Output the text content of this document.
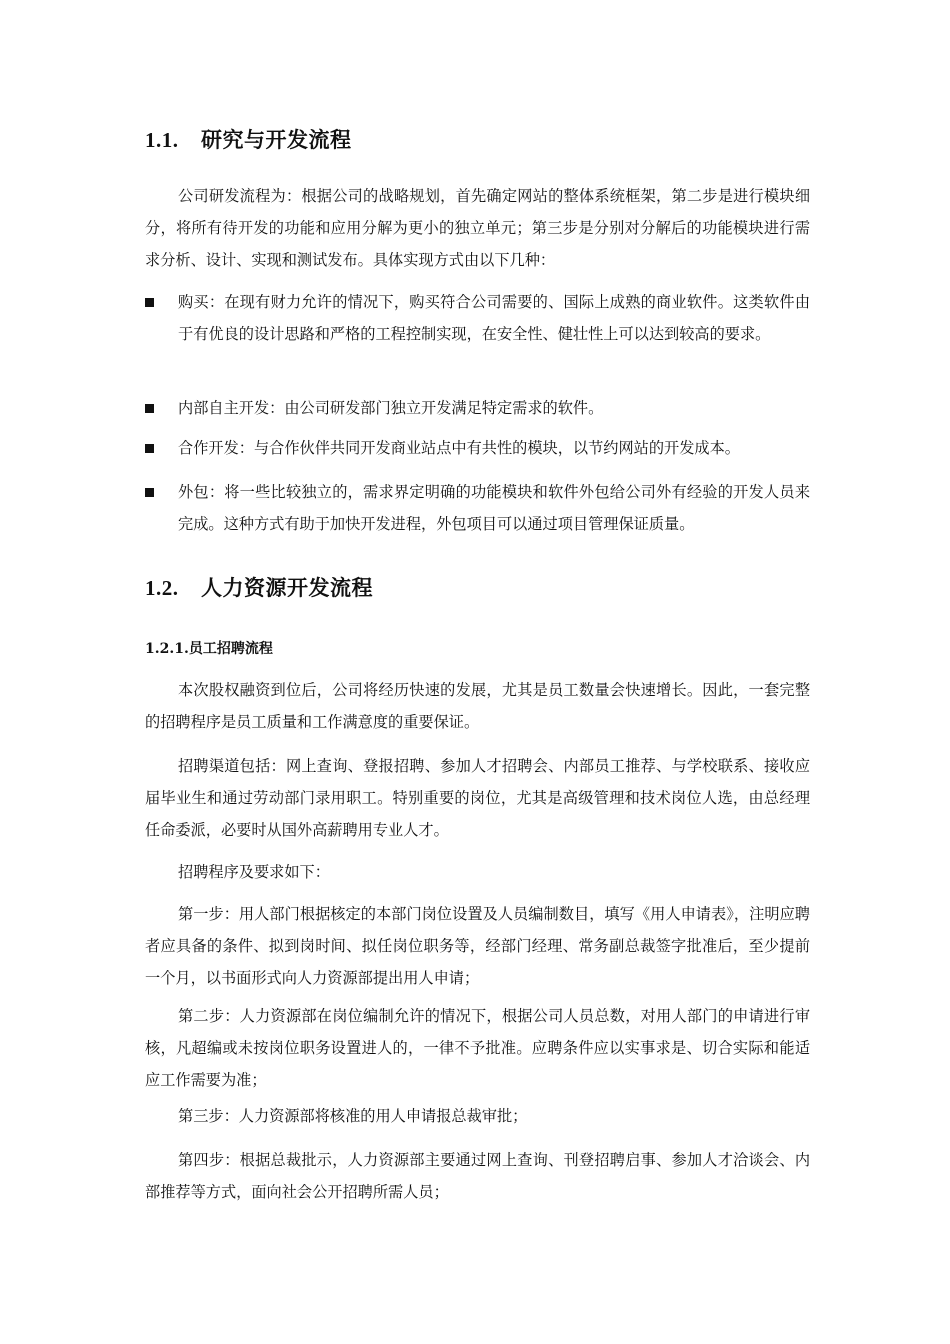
1.1. 研究与开发流程

公司研发流程为：根据公司的战略规划，首先确定网站的整体系统框架，第二步是进行模块细分，将所有待开发的功能和应用分解为更小的独立单元；第三步是分别对分解后的功能模块进行需求分析、设计、实现和测试发布。具体实现方式由以下几种：

购买：在现有财力允许的情况下，购买符合公司需要的、国际上成熟的商业软件。这类软件由于有优良的设计思路和严格的工程控制实现，在安全性、健壮性上可以达到较高的要求。
内部自主开发：由公司研发部门独立开发满足特定需求的软件。
合作开发：与合作伙伴共同开发商业站点中有共性的模块，以节约网站的开发成本。
外包：将一些比较独立的，需求界定明确的功能模块和软件外包给公司外有经验的开发人员来完成。这种方式有助于加快开发进程，外包项目可以通过项目管理保证质量。
1.2. 人力资源开发流程
1.2.1.员工招聘流程

本次股权融资到位后，公司将经历快速的发展，尤其是员工数量会快速增长。因此，一套完整的招聘程序是员工质量和工作满意度的重要保证。

招聘渠道包括：网上查询、登报招聘、参加人才招聘会、内部员工推荐、与学校联系、接收应届毕业生和通过劳动部门录用职工。特别重要的岗位，尤其是高级管理和技术岗位人选，由总经理任命委派，必要时从国外高薪聘用专业人才。

招聘程序及要求如下：

第一步：用人部门根据核定的本部门岗位设置及人员编制数目，填写《用人申请表》，注明应聘者应具备的条件、拟到岗时间、拟任岗位职务等，经部门经理、常务副总裁签字批准后，至少提前一个月，以书面形式向人力资源部提出用人申请；

第二步：人力资源部在岗位编制允许的情况下，根据公司人员总数，对用人部门的申请进行审核，凡超编或未按岗位职务设置进人的，一律不予批准。应聘条件应以实事求是、切合实际和能适应工作需要为准；

第三步：人力资源部将核准的用人申请报总裁审批；

第四步：根据总裁批示，人力资源部主要通过网上查询、刊登招聘启事、参加人才洽谈会、内部推荐等方式，面向社会公开招聘所需人员；
